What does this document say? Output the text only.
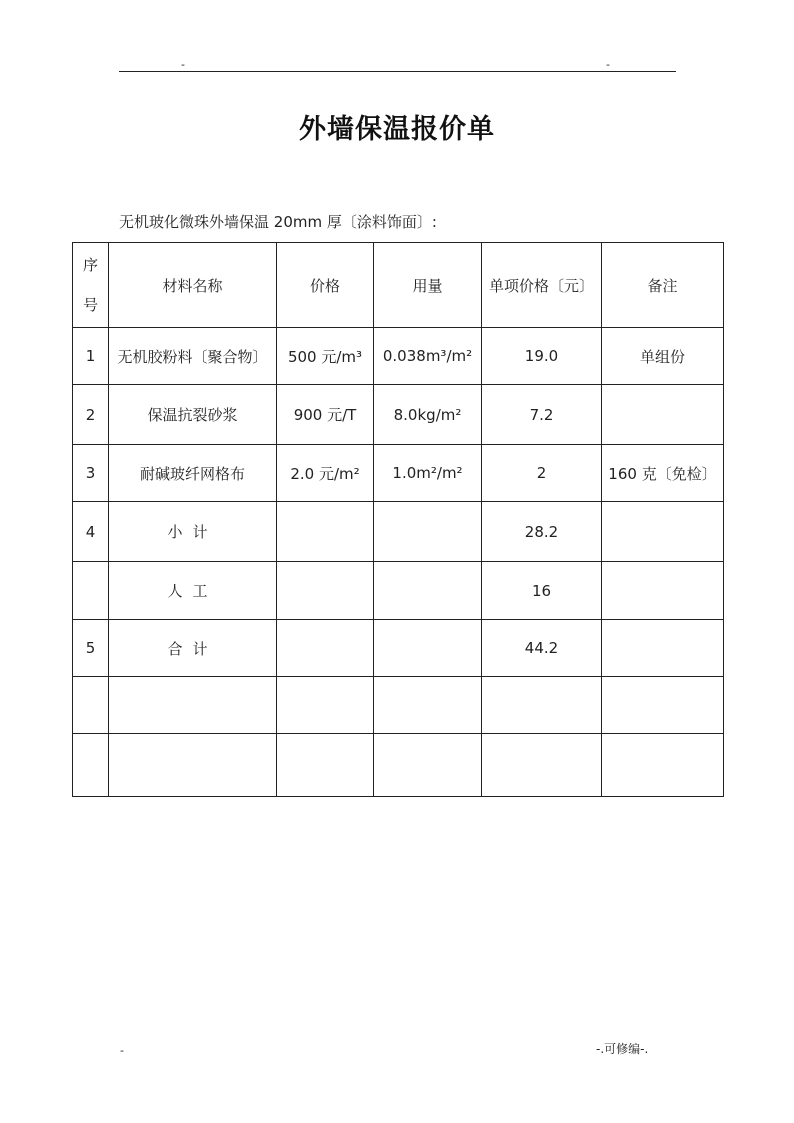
-	-
外墙保温报价单
无机玻化微珠外墙保温 20mm 厚〔涂料饰面〕:
序
号	材料名称	价格	用量	单项价格〔元〕	备注
1	无机胶粉料〔聚合物〕	500 元/m³	0.038m³/m²	19.0	单组份
2	保温抗裂砂浆	900 元/T	8.0kg/m²	7.2	
3	耐碱玻纤网格布	2.0 元/m²	1.0m²/m²	2	160 克〔免检〕
4	小计			28.2	
	人工			16	
5	合计			44.2	

-	-.可修编-.
